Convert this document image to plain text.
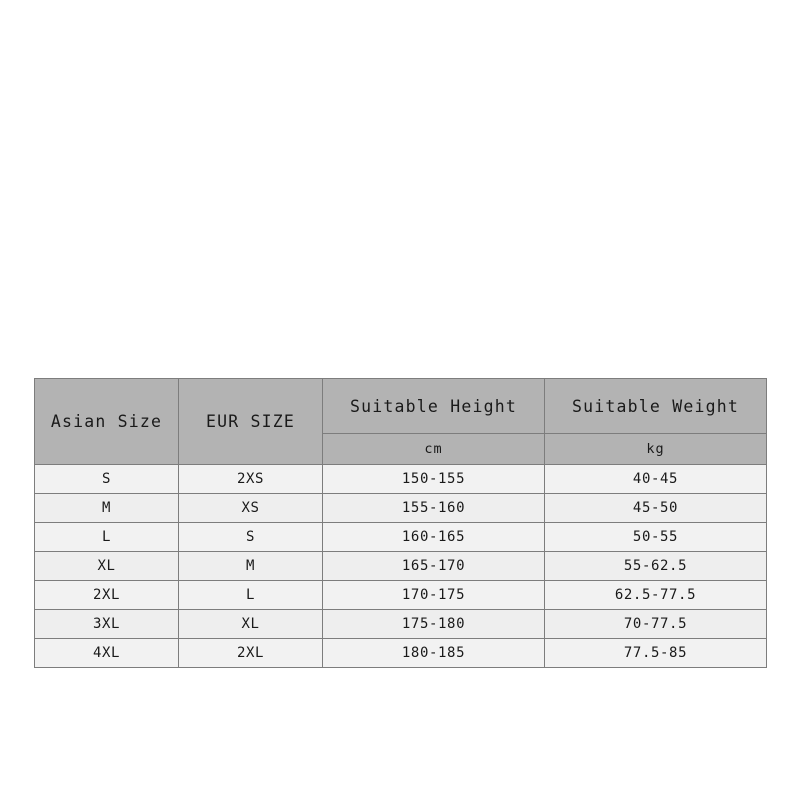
Asian Size	EUR SIZE	Suitable Height	Suitable Weight
		cm	kg
S	2XS	150-155	40-45
M	XS	155-160	45-50
L	S	160-165	50-55
XL	M	165-170	55-62.5
2XL	L	170-175	62.5-77.5
3XL	XL	175-180	70-77.5
4XL	2XL	180-185	77.5-85
